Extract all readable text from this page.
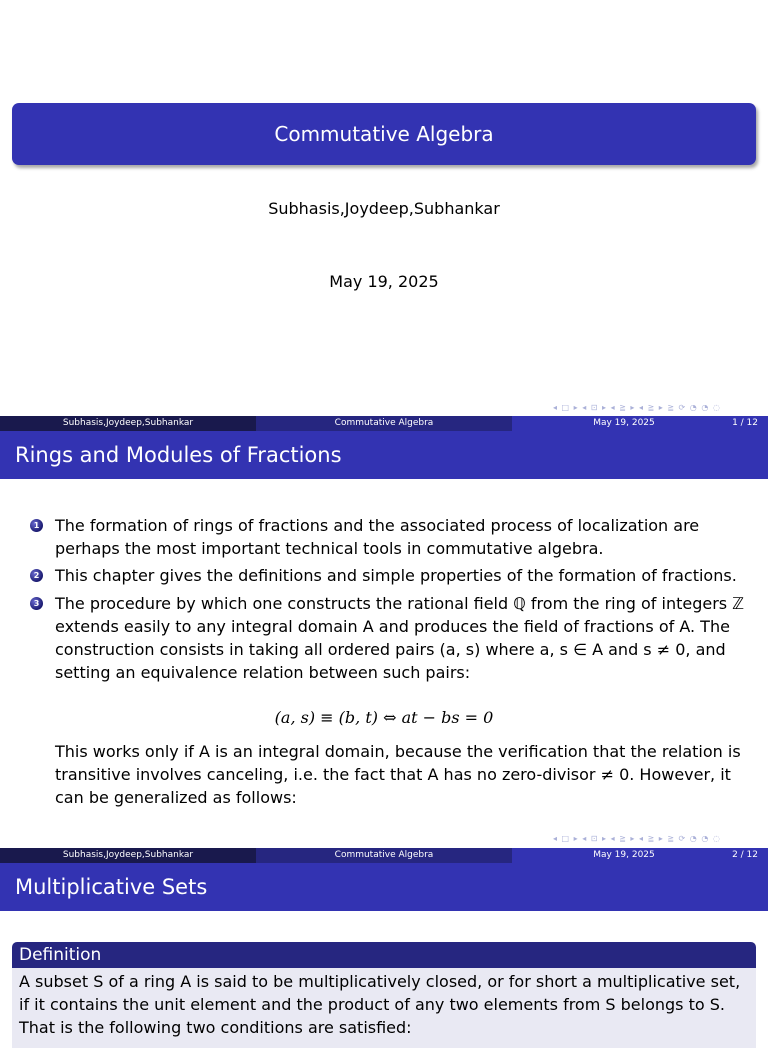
Commutative Algebra
Subhasis,Joydeep,Subhankar
May 19, 2025
◂ □ ▸ ◂ ⊡ ▸ ◂ ≧ ▸ ◂ ≧ ▸ ≧ ⟳ ◔ ◔ ◌
Subhasis,Joydeep,Subhankar	Commutative Algebra	May 19, 2025	1 / 12
Rings and Modules of Fractions
1 The formation of rings of fractions and the associated process of localization are perhaps the most important technical tools in commutative algebra.
2 This chapter gives the definitions and simple properties of the formation of fractions.
3 The procedure by which one constructs the rational field ℚ from the ring of integers ℤ extends easily to any integral domain A and produces the field of fractions of A. The construction consists in taking all ordered pairs (a, s) where a, s ∈ A and s ≠ 0, and setting an equivalence relation between such pairs:
(a, s) ≡ (b, t) ⇔ at − bs = 0
This works only if A is an integral domain, because the verification that the relation is transitive involves canceling, i.e. the fact that A has no zero-divisor ≠ 0. However, it can be generalized as follows:
◂ □ ▸ ◂ ⊡ ▸ ◂ ≧ ▸ ◂ ≧ ▸ ≧ ⟳ ◔ ◔ ◌
Subhasis,Joydeep,Subhankar	Commutative Algebra	May 19, 2025	2 / 12
Multiplicative Sets
Definition
A subset S of a ring A is said to be multiplicatively closed, or for short a multiplicative set, if it contains the unit element and the product of any two elements from S belongs to S. That is the following two conditions are satisfied:
